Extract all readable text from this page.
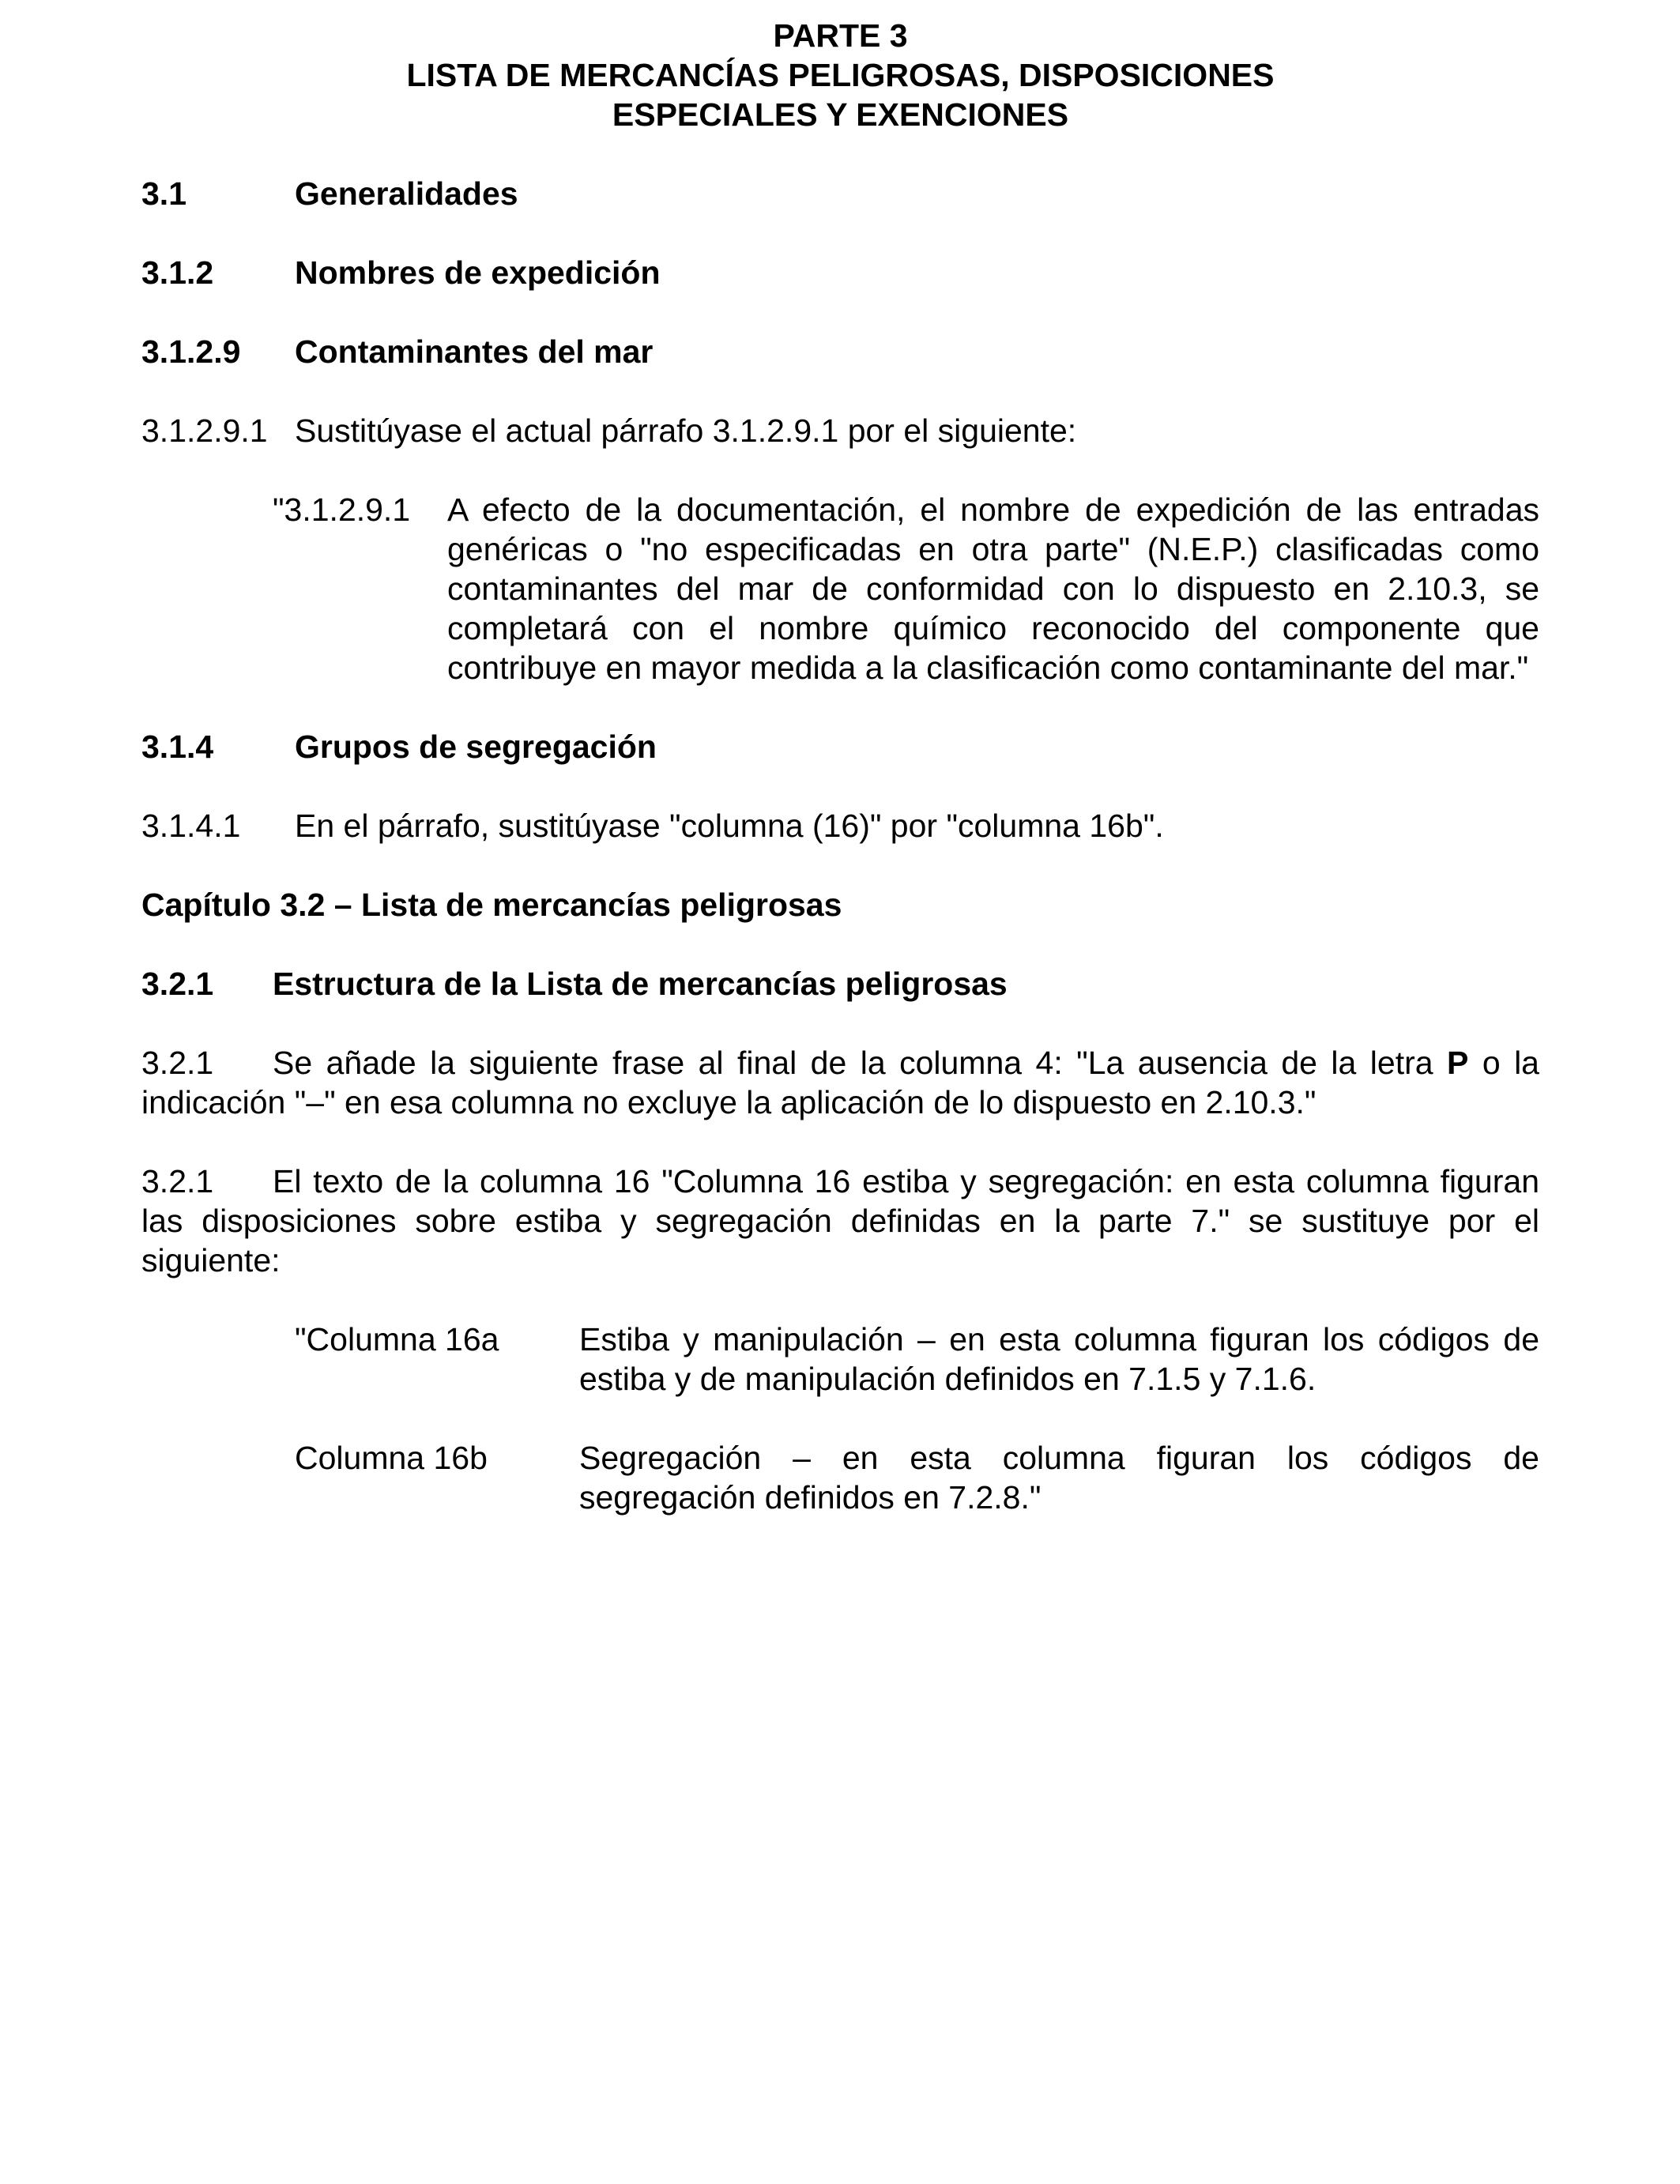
PARTE 3
LISTA DE MERCANCÍAS PELIGROSAS, DISPOSICIONES
ESPECIALES Y EXENCIONES
3.1	Generalidades
3.1.2	Nombres de expedición
3.1.2.9	Contaminantes del mar
3.1.2.9.1 Sustitúyase el actual párrafo 3.1.2.9.1 por el siguiente:
"3.1.2.9.1	A efecto de la documentación, el nombre de expedición de las entradas genéricas o "no especificadas en otra parte" (N.E.P.) clasificadas como contaminantes del mar de conformidad con lo dispuesto en 2.10.3, se completará con el nombre químico reconocido del componente que contribuye en mayor medida a la clasificación como contaminante del mar."
3.1.4	Grupos de segregación
3.1.4.1	En el párrafo, sustitúyase "columna (16)" por "columna 16b".
Capítulo 3.2 – Lista de mercancías peligrosas
3.2.1	Estructura de la Lista de mercancías peligrosas
3.2.1 Se añade la siguiente frase al final de la columna 4: "La ausencia de la letra P o la indicación "–" en esa columna no excluye la aplicación de lo dispuesto en 2.10.3."
3.2.1 El texto de la columna 16 "Columna 16 estiba y segregación: en esta columna figuran las disposiciones sobre estiba y segregación definidas en la parte 7." se sustituye por el siguiente:
"Columna 16a	Estiba y manipulación – en esta columna figuran los códigos de estiba y de manipulación definidos en 7.1.5 y 7.1.6.
Columna 16b	Segregación – en esta columna figuran los códigos de segregación definidos en 7.2.8."
